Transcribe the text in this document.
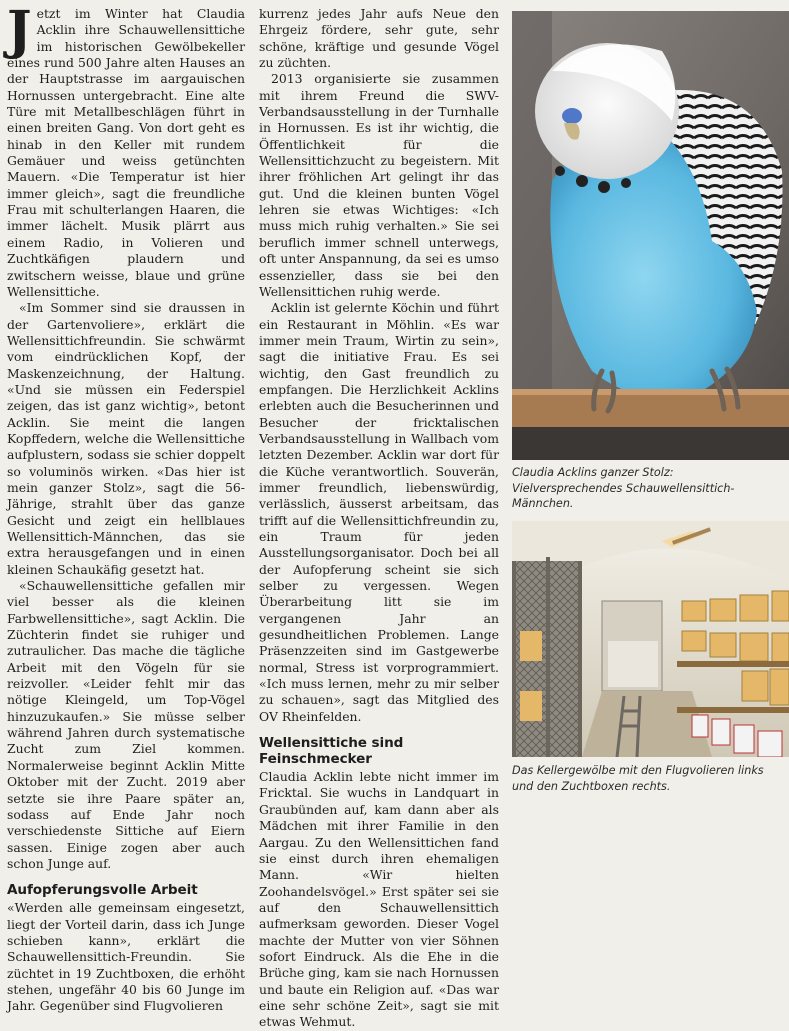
Jetzt im Winter hat Claudia Acklin ihre Schauwellensittiche im historischen Gewölbekeller eines rund 500 Jahre alten Hauses an der Hauptstrasse im aargauischen Hornussen untergebracht. Eine alte Türe mit Metallbeschlägen führt in einen breiten Gang. Von dort geht es hinab in den Keller mit rundem Gemäuer und weiss getünchten Mauern. «Die Temperatur ist hier immer gleich», sagt die freundliche Frau mit schulterlangen Haaren, die immer lächelt. Musik plärrt aus einem Radio, in Volieren und Zuchtkäfigen plaudern und zwitschern weisse, blaue und grüne Wellensittiche.

«Im Sommer sind sie draussen in der Gartenvoliere», erklärt die Wellensittichfreundin. Sie schwärmt vom eindrücklichen Kopf, der Maskenzeichnung, der Haltung. «Und sie müssen ein Federspiel zeigen, das ist ganz wichtig», betont Acklin. Sie meint die langen Kopffedern, welche die Wellensittiche aufplustern, sodass sie schier doppelt so voluminös wirken. «Das hier ist mein ganzer Stolz», sagt die 56-Jährige, strahlt über das ganze Gesicht und zeigt ein hellblaues Wellensittich-Männchen, das sie extra herausgefangen und in einen kleinen Schaukäfig gesetzt hat.

«Schauwellensittiche gefallen mir viel besser als die kleinen Farbwellensittiche», sagt Acklin. Die Züchterin findet sie ruhiger und zutraulicher. Das mache die tägliche Arbeit mit den Vögeln für sie reizvoller. «Leider fehlt mir das nötige Kleingeld, um Top-Vögel hinzuzukaufen.» Sie müsse selber während Jahren durch systematische Zucht zum Ziel kommen. Normalerweise beginnt Acklin Mitte Oktober mit der Zucht. 2019 aber setzte sie ihre Paare später an, sodass auf Ende Jahr noch verschiedenste Sittiche auf Eiern sassen. Einige zogen aber auch schon Junge auf.

Aufopferungsvolle Arbeit

«Werden alle gemeinsam eingesetzt, liegt der Vorteil darin, dass ich Junge schieben kann», erklärt die Schauwellensittich-Freundin. Sie züchtet in 19 Zuchtboxen, die erhöht stehen, ungefähr 40 bis 60 Junge im Jahr. Gegenüber sind Flugvolieren

kurrenz jedes Jahr aufs Neue den Ehrgeiz fördere, sehr gute, sehr schöne, kräftige und gesunde Vögel zu züchten.

2013 organisierte sie zusammen mit ihrem Freund die SWV-Verbandsausstellung in der Turnhalle in Hornussen. Es ist ihr wichtig, die Öffentlichkeit für die Wellensittichzucht zu begeistern. Mit ihrer fröhlichen Art gelingt ihr das gut. Und die kleinen bunten Vögel lehren sie etwas Wichtiges: «Ich muss mich ruhig verhalten.» Sie sei beruflich immer schnell unterwegs, oft unter Anspannung, da sei es umso essenzieller, dass sie bei den Wellensittichen ruhig werde.

Acklin ist gelernte Köchin und führt ein Restaurant in Möhlin. «Es war immer mein Traum, Wirtin zu sein», sagt die initiative Frau. Es sei wichtig, den Gast freundlich zu empfangen. Die Herzlichkeit Acklins erlebten auch die Besucherinnen und Besucher der fricktalischen Verbandsausstellung in Wallbach vom letzten Dezember. Acklin war dort für die Küche verantwortlich. Souverän, immer freundlich, liebenswürdig, verlässlich, äusserst arbeitsam, das trifft auf die Wellensittichfreundin zu, ein Traum für jeden Ausstellungsorganisator. Doch bei all der Aufopferung scheint sie sich selber zu vergessen. Wegen Überarbeitung litt sie im vergangenen Jahr an gesundheitlichen Problemen. Lange Präsenzzeiten sind im Gastgewerbe normal, Stress ist vorprogrammiert. «Ich muss lernen, mehr zu mir selber zu schauen», sagt das Mitglied des OV Rheinfelden.

Wellensittiche sind Feinschmecker

Claudia Acklin lebte nicht immer im Fricktal. Sie wuchs in Landquart in Graubünden auf, kam dann aber als Mädchen mit ihrer Familie in den Aargau. Zu den Wellensittichen fand sie einst durch ihren ehemaligen Mann. «Wir hielten Zoohandelsvögel.» Erst später sei sie auf den Schauwellensittich aufmerksam geworden. Dieser Vogel machte der Mutter von vier Söhnen sofort Eindruck. Als die Ehe in die Brüche ging, kam sie nach Hornussen und baute ein Religion auf. «Das war eine sehr schöne Zeit», sagt sie mit etwas Wehmut.

Claudia Acklins ganzer Stolz: Vielversprechendes Schauwellensittich-Männchen.
Das Kellergewölbe mit den Flugvolieren links und den Zuchtboxen rechts.
